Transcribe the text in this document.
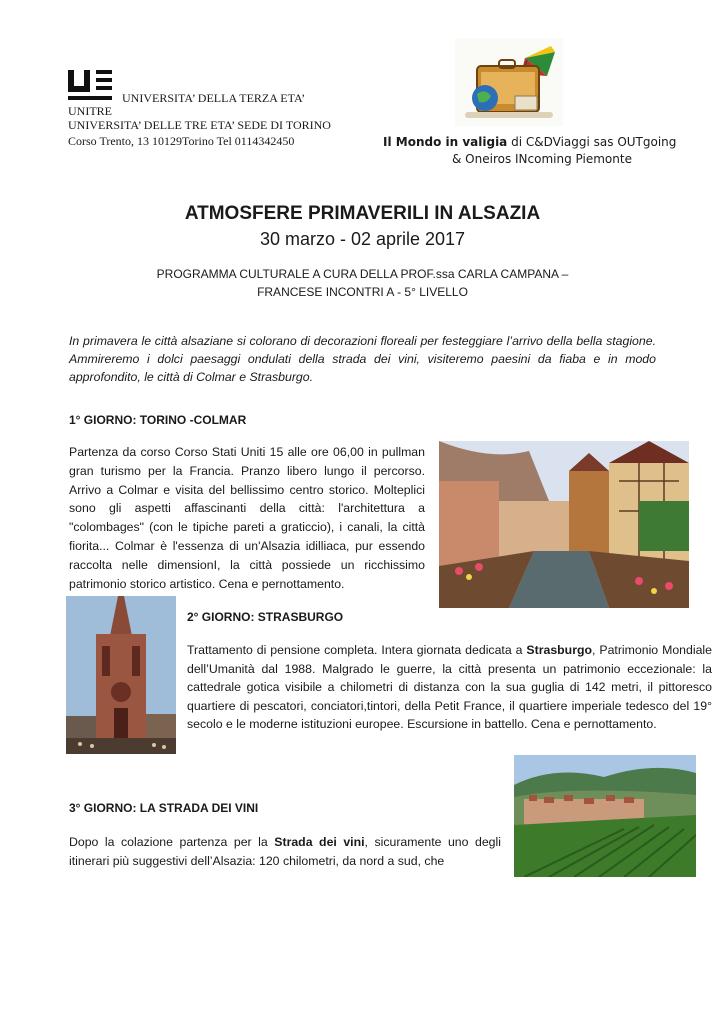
UNIVERSITA’ DELLA TERZA ETA’
UNITRE
UNIVERSITA’ DELLE TRE ETA’ SEDE DI TORINO
Corso Trento, 13 10129Torino Tel 0114342450	Il Mondo in valigia di C&DViaggi sas OUTgoing
& Oneiros INcoming Piemonte
ATMOSFERE PRIMAVERILI IN ALSAZIA
30 marzo - 02 aprile 2017
PROGRAMMA CULTURALE A CURA DELLA PROF.ssa CARLA CAMPANA –
FRANCESE INCONTRI A - 5° LIVELLO
In primavera le città alsaziane si colorano di decorazioni floreali per festeggiare l’arrivo della bella stagione. Ammireremo i dolci paesaggi ondulati della strada dei vini, visiteremo paesini da fiaba e in modo approfondito, le città di Colmar e Strasburgo.
1° GIORNO: TORINO -COLMAR
Partenza da corso Corso Stati Uniti 15 alle ore 06,00 in pullman gran turismo per la Francia. Pranzo libero lungo il percorso. Arrivo a Colmar e visita del bellissimo centro storico. Molteplici sono gli aspetti affascinanti della città: l'architettura a "colombages" (con le tipiche pareti a graticcio), i canali, la città fiorita... Colmar è l'essenza di un'Alsazia idilliaca, pur essendo raccolta nelle dimensionI, la città possiede un ricchissimo patrimonio storico artistico. Cena e pernottamento.
2° GIORNO: STRASBURGO
Trattamento di pensione completa. Intera giornata dedicata a Strasburgo, Patrimonio Mondiale dell’Umanità dal 1988. Malgrado le guerre, la città presenta un patrimonio eccezionale: la cattedrale gotica visibile a chilometri di distanza con la sua guglia di 142 metri, il pittoresco quartiere di pescatori, conciatori,tintori, della Petit France, il quartiere imperiale tedesco del 19° secolo e le moderne istituzioni europee. Escursione in battello. Cena e pernottamento.
3° GIORNO: LA STRADA DEI VINI
Dopo la colazione partenza per la Strada dei vini, sicuramente uno degli itinerari più suggestivi dell’Alsazia: 120 chilometri, da nord a sud, che
